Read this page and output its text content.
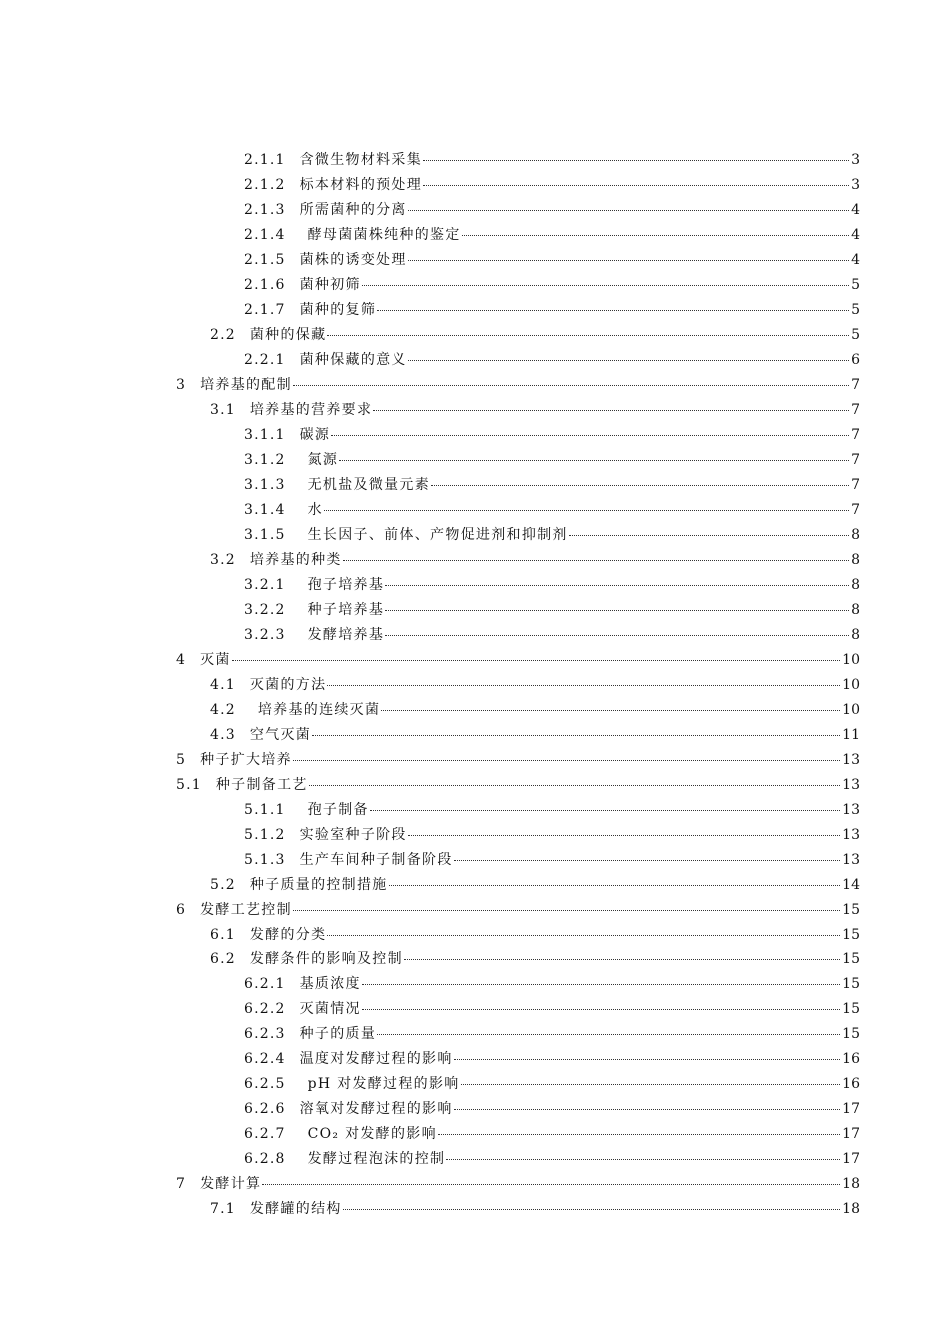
2.1.1 含微生物材料采集	3
2.1.2 标本材料的预处理	3
2.1.3 所需菌种的分离	4
2.1.4 酵母菌菌株纯种的鉴定	4
2.1.5 菌株的诱变处理	4
2.1.6 菌种初筛	5
2.1.7 菌种的复筛	5
2.2 菌种的保藏	5
2.2.1 菌种保藏的意义	6
3 培养基的配制	7
3.1 培养基的营养要求	7
3.1.1 碳源	7
3.1.2 氮源	7
3.1.3 无机盐及微量元素	7
3.1.4 水	7
3.1.5 生长因子、前体、产物促进剂和抑制剂	8
3.2 培养基的种类	8
3.2.1 孢子培养基	8
3.2.2 种子培养基	8
3.2.3 发酵培养基	8
4 灭菌	10
4.1 灭菌的方法	10
4.2 培养基的连续灭菌	10
4.3 空气灭菌	11
5 种子扩大培养	13
5.1 种子制备工艺	13
5.1.1 孢子制备	13
5.1.2 实验室种子阶段	13
5.1.3 生产车间种子制备阶段	13
5.2 种子质量的控制措施	14
6 发酵工艺控制	15
6.1 发酵的分类	15
6.2 发酵条件的影响及控制	15
6.2.1 基质浓度	15
6.2.2 灭菌情况	15
6.2.3 种子的质量	15
6.2.4 温度对发酵过程的影响	16
6.2.5 pH 对发酵过程的影响	16
6.2.6 溶氧对发酵过程的影响	17
6.2.7 CO₂ 对发酵的影响	17
6.2.8 发酵过程泡沫的控制	17
7 发酵计算	18
7.1 发酵罐的结构	18
